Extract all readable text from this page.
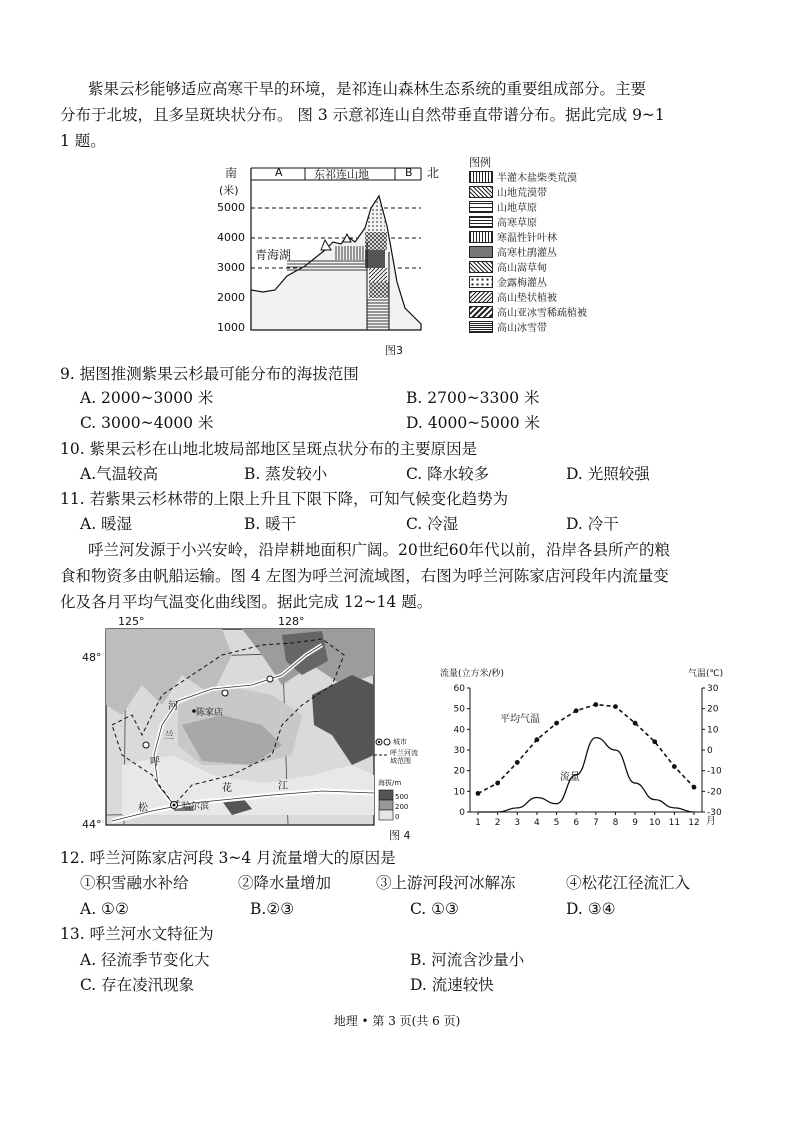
紫果云杉能够适应高寒干旱的环境，是祁连山森林生态系统的重要组成部分。主要
分布于北坡，且多呈斑块状分布。 图 3 示意祁连山自然带垂直带谱分布。据此完成 9~1
1 题。
南	A	东祁连山地	B 北
(米)
5000
4000
3000
2000
1000
青海湖
图3
图例
半灌木盐柴类荒漠
山地荒漠带
山地草原
高寒草原
寒温性针叶林
高寒杜鹃灌丛
高山嵩草甸
金露梅灌丛
高山垫状植被
高山亚冰雪稀疏植被
高山冰雪带
9. 据图推测紫果云杉最可能分布的海拔范围
A. 2000~3000 米	B. 2700~3300 米
C. 3000~4000 米	D. 4000~5000 米
10. 紫果云杉在山地北坡局部地区呈斑点状分布的主要原因是
A.气温较高	B. 蒸发较小	C. 降水较多	D. 光照较强
11. 若紫果云杉林带的上限上升且下限下降，可知气候变化趋势为
A. 暖湿	B. 暖干	C. 冷湿	D. 冷干
呼兰河发源于小兴安岭，沿岸耕地面积广阔。20世纪60年代以前，沿岸各县所产的粮
食和物资多由帆船运输。图 4 左图为呼兰河流域图，右图为呼兰河陈家店河段年内流量变
化及各月平均气温变化曲线图。据此完成 12~14 题。
125°	128°
48°
44°
河
兰
呼
陈家店
哈尔滨
松
花	江
城市
呼兰河流域范围
海拔/m
500
200
0
图 4
60
50
40
30
20
10
0
30
20
10
0
-10
-20
-30
1 2 3 4 5 6 7 8 9 10 11 12
流量(立方米/秒)	气温(℃)
平均气温
流量
月
12. 呼兰河陈家店河段 3~4 月流量增大的原因是
①积雪融水补给	②降水量增加	③上游河段河冰解冻	④松花江径流汇入
A. ①②	B.②③	C. ①③	D. ③④
13. 呼兰河水文特征为
A. 径流季节变化大	B. 河流含沙量小
C. 存在凌汛现象	D. 流速较快
地理 • 第 3 页(共 6 页)
